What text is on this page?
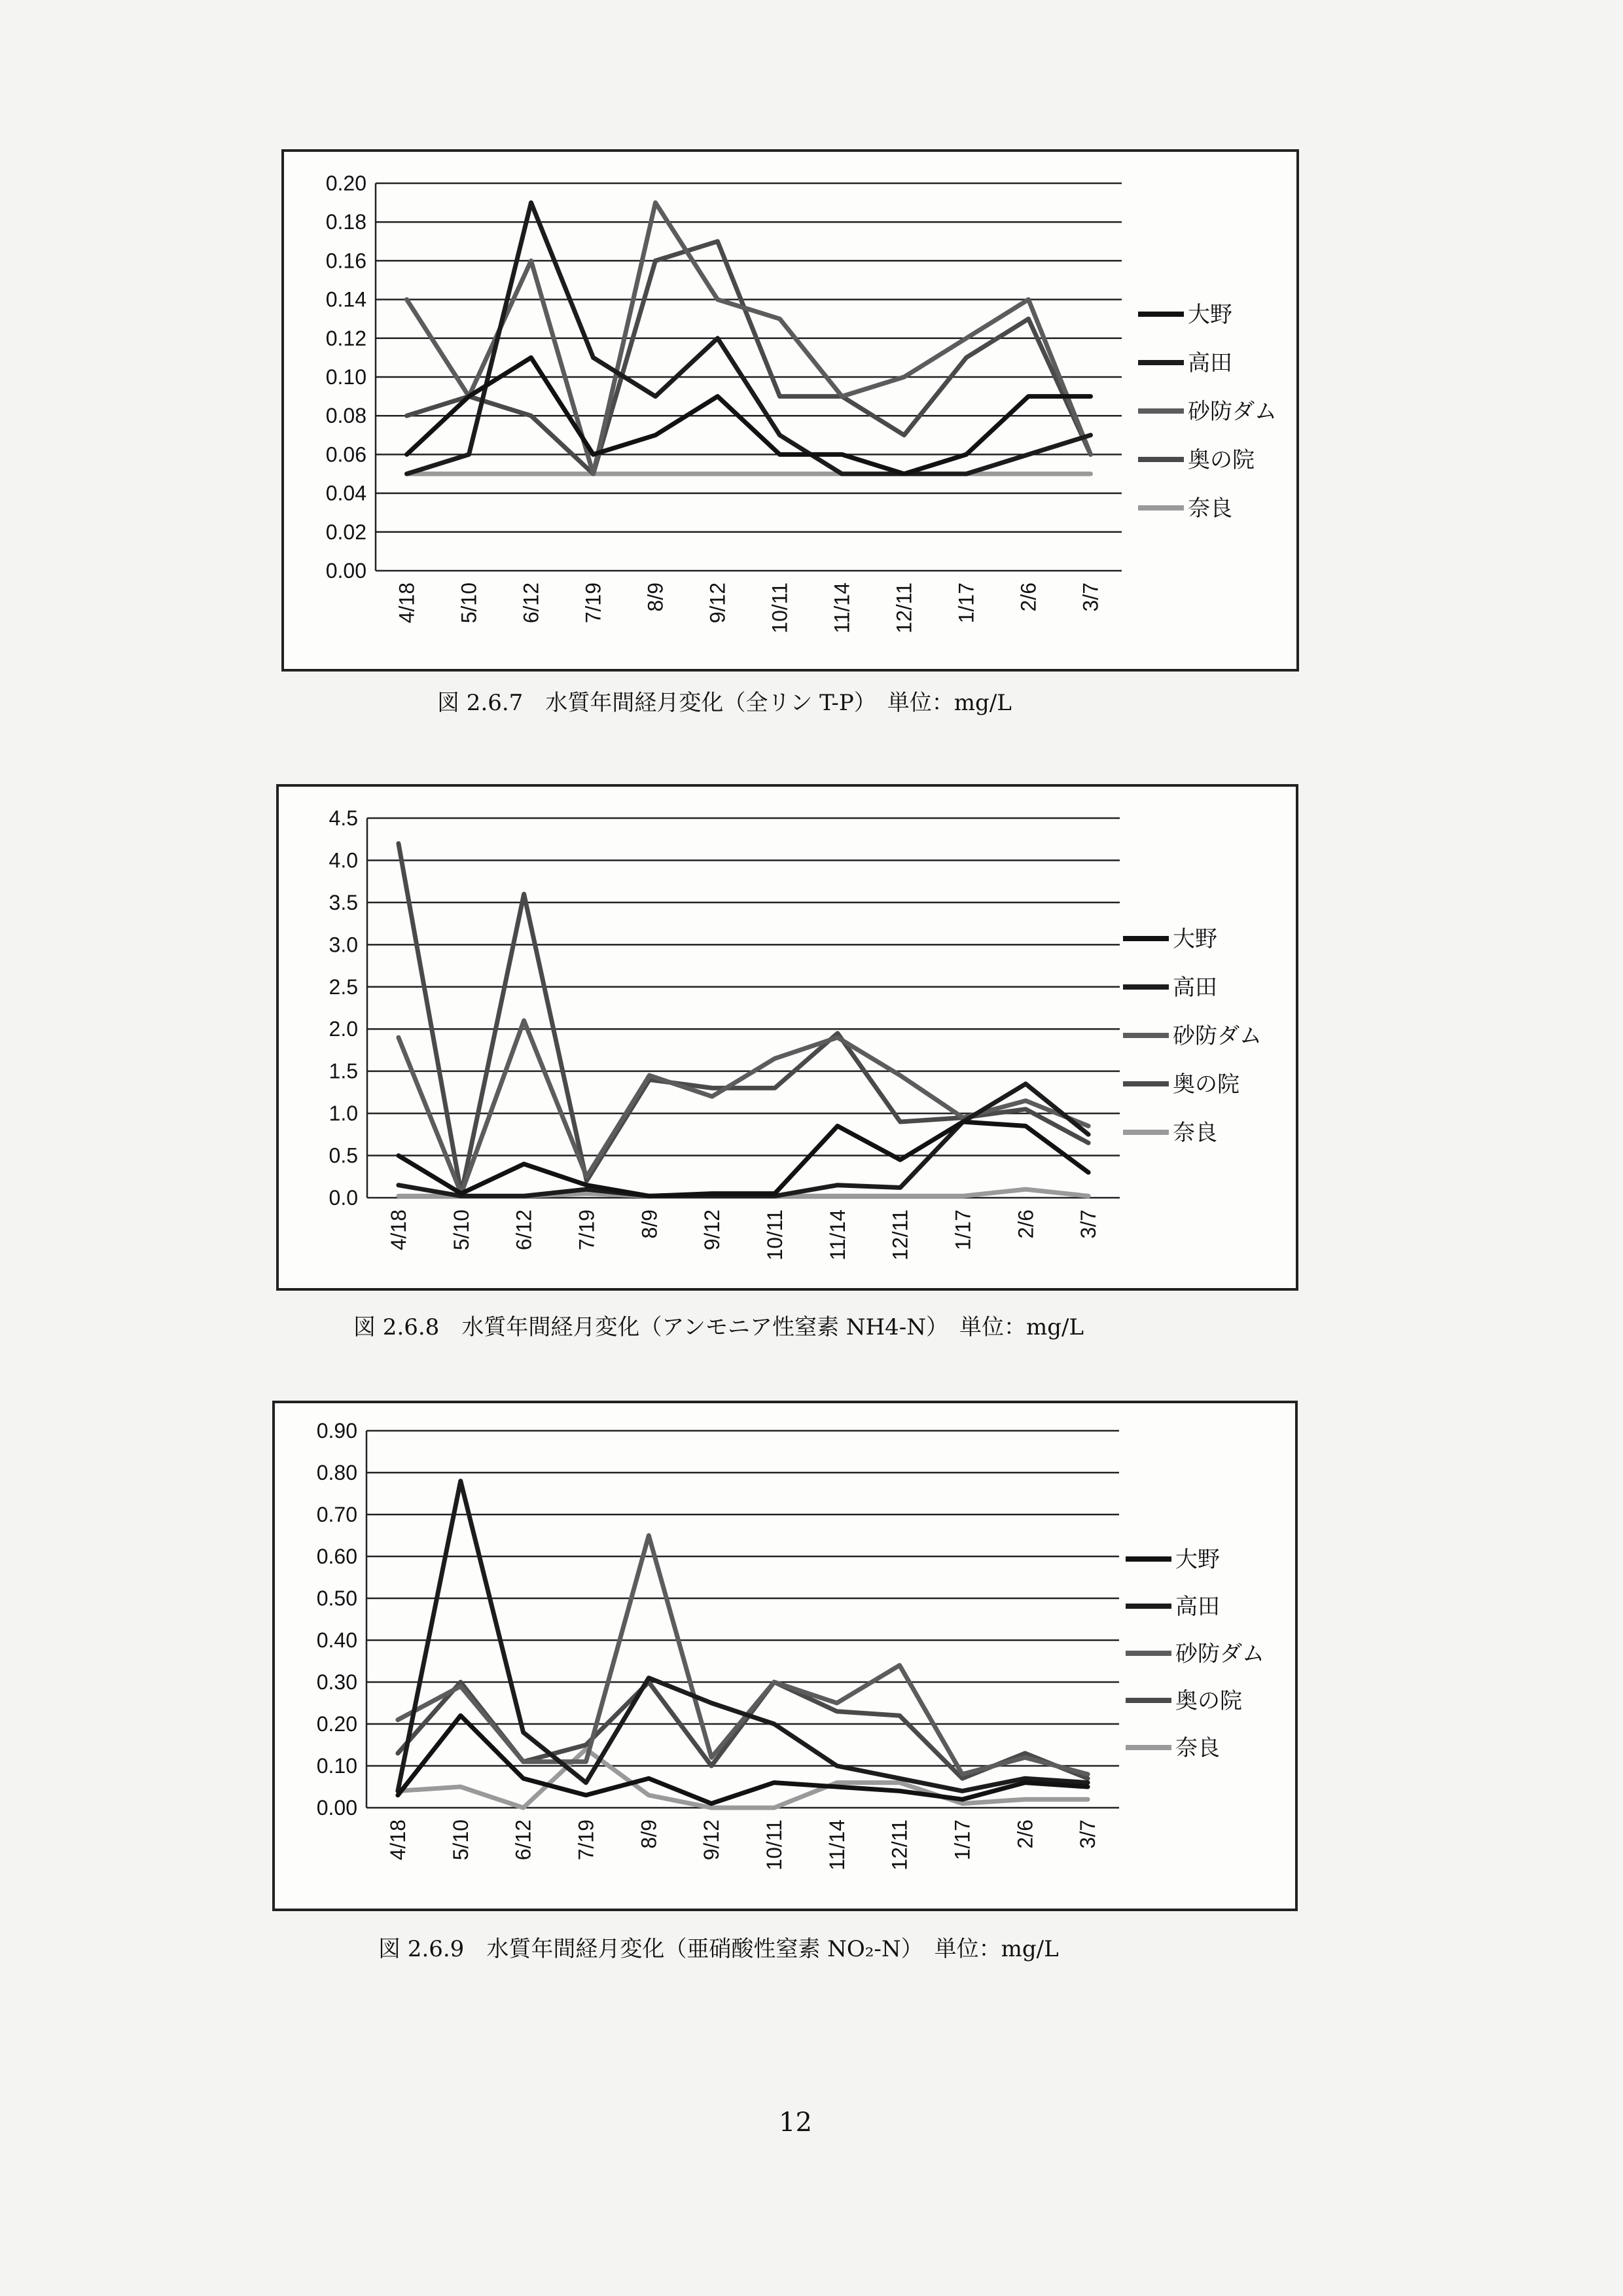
0.00
0.02
0.04
0.06
0.08
0.10
0.12
0.14
0.16
0.18
0.20
4/18 5/10 6/12 7/19 8/9 9/12 10/11 11/14 12/11 1/17 2/6 3/7
大野
高田
砂防ダム
奥の院
奈良
図 2.6.7　水質年間経月変化（全リン T-P）　単位：mg/L
0.0
0.5
1.0
1.5
2.0
2.5
3.0
3.5
4.0
4.5
4/18 5/10 6/12 7/19 8/9 9/12 10/11 11/14 12/11 1/17 2/6 3/7
大野
高田
砂防ダム
奥の院
奈良
図 2.6.8　水質年間経月変化（アンモニア性窒素 NH4-N）　単位：mg/L
0.00
0.10
0.20
0.30
0.40
0.50
0.60
0.70
0.80
0.90
4/18 5/10 6/12 7/19 8/9 9/12 10/11 11/14 12/11 1/17 2/6 3/7
大野
高田
砂防ダム
奥の院
奈良
図 2.6.9　水質年間経月変化（亜硝酸性窒素 NO₂-N）　単位：mg/L
12
